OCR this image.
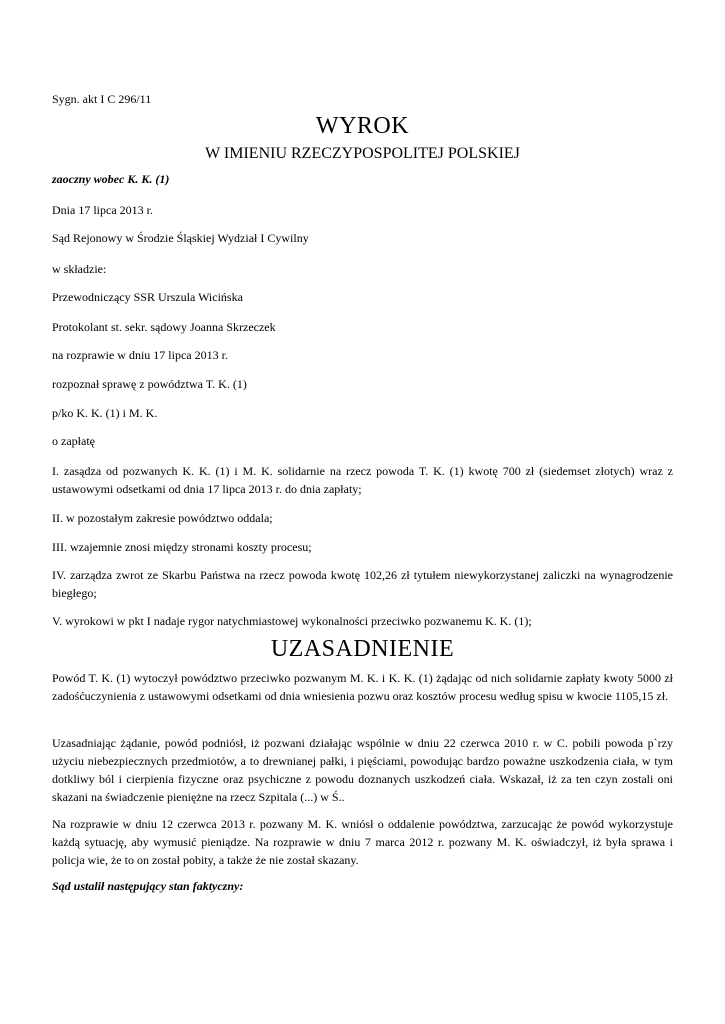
Sygn. akt I C 296/11
WYROK
W IMIENIU RZECZYPOSPOLITEJ POLSKIEJ
zaoczny wobec K. K. (1)
Dnia 17 lipca 2013 r.
Sąd Rejonowy w Środzie Śląskiej Wydział I Cywilny
w składzie:
Przewodniczący SSR Urszula Wicińska
Protokolant st. sekr. sądowy Joanna Skrzeczek
na rozprawie w dniu 17 lipca 2013 r.
rozpoznał sprawę z powództwa T. K. (1)
p/ko K. K. (1) i M. K.
o zapłatę
I. zasądza od pozwanych K. K. (1) i M. K. solidarnie na rzecz powoda T. K. (1) kwotę 700 zł (siedemset złotych) wraz z ustawowymi odsetkami od dnia 17 lipca 2013 r. do dnia zapłaty;
II. w pozostałym zakresie powództwo oddala;
III. wzajemnie znosi między stronami koszty procesu;
IV. zarządza zwrot ze Skarbu Państwa na rzecz powoda kwotę 102,26 zł tytułem niewykorzystanej zaliczki na wynagrodzenie biegłego;
V. wyrokowi w pkt I nadaje rygor natychmiastowej wykonalności przeciwko pozwanemu K. K. (1);
UZASADNIENIE
Powód T. K. (1) wytoczył powództwo przeciwko pozwanym M. K. i K. K. (1) żądając od nich solidarnie zapłaty kwoty 5000 zł zadośćuczynienia z ustawowymi odsetkami od dnia wniesienia pozwu oraz kosztów procesu według spisu w kwocie 1105,15 zł.
Uzasadniając żądanie, powód podniósł, iż pozwani działając wspólnie w dniu 22 czerwca 2010 r. w C. pobili powoda p`rzy użyciu niebezpiecznych przedmiotów, a to drewnianej pałki, i pięściami, powodując bardzo poważne uszkodzenia ciała, w tym dotkliwy ból i cierpienia fizyczne oraz psychiczne z powodu doznanych uszkodzeń ciała. Wskazał, iż za ten czyn zostali oni skazani na świadczenie pieniężne na rzecz Szpitala (...) w Ś..
Na rozprawie w dniu 12 czerwca 2013 r. pozwany M. K. wniósł o oddalenie powództwa, zarzucając że powód wykorzystuje każdą sytuację, aby wymusić pieniądze. Na rozprawie w dniu 7 marca 2012 r. pozwany M. K. oświadczył, iż była sprawa i policja wie, że to on został pobity, a także że nie został skazany.
Sąd ustalił następujący stan faktyczny:
